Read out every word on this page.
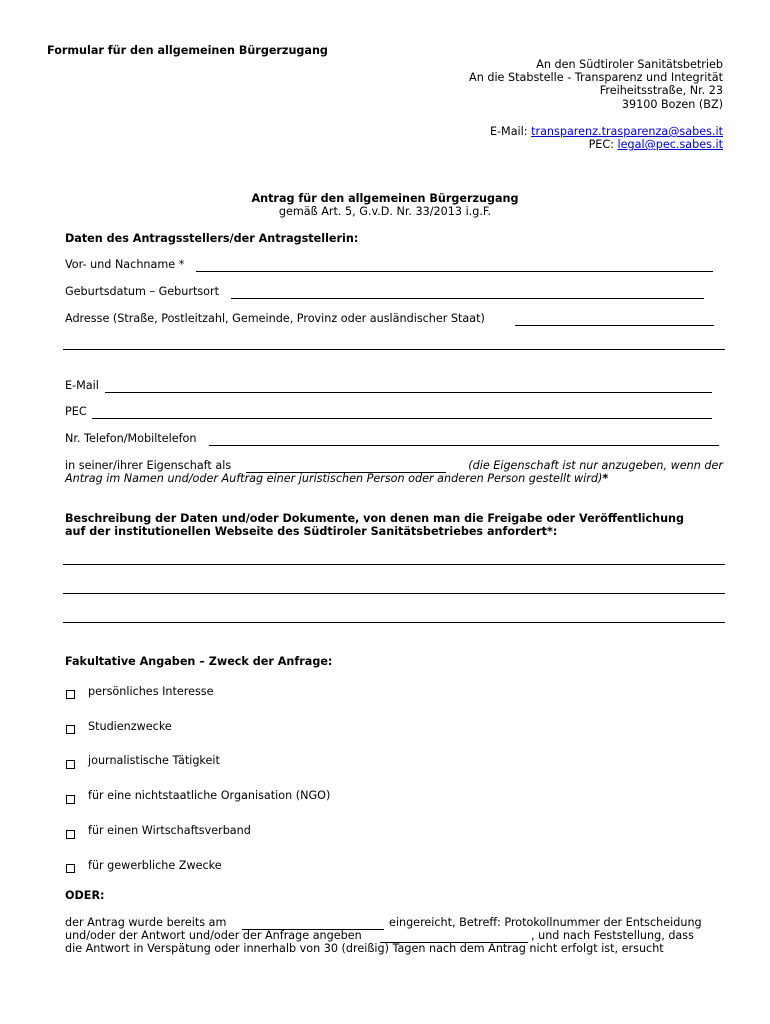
Formular für den allgemeinen Bürgerzugang
An den Südtiroler Sanitätsbetrieb
An die Stabstelle - Transparenz und Integrität
Freiheitsstraße, Nr. 23
39100 Bozen (BZ)
E-Mail: transparenz.trasparenza@sabes.it
PEC: legal@pec.sabes.it
Antrag für den allgemeinen Bürgerzugang
gemäß Art. 5, G.v.D. Nr. 33/2013 i.g.F.
Daten des Antragsstellers/der Antragstellerin:
Vor- und Nachname *
Geburtsdatum – Geburtsort
Adresse (Straße, Postleitzahl, Gemeinde, Provinz oder ausländischer Staat)
E-Mail
PEC
Nr. Telefon/Mobiltelefon
in seiner/ihrer Eigenschaft als	(die Eigenschaft ist nur anzugeben, wenn der
Antrag im Namen und/oder Auftrag einer juristischen Person oder anderen Person gestellt wird)*
Beschreibung der Daten und/oder Dokumente, von denen man die Freigabe oder Veröffentlichung
auf der institutionellen Webseite des Südtiroler Sanitätsbetriebes anfordert*:
Fakultative Angaben – Zweck der Anfrage:
persönliches Interesse
Studienzwecke
journalistische Tätigkeit
für eine nichtstaatliche Organisation (NGO)
für einen Wirtschaftsverband
für gewerbliche Zwecke
ODER:
der Antrag wurde bereits am	eingereicht, Betreff: Protokollnummer der Entscheidung
und/oder der Antwort und/oder der Anfrage angeben	, und nach Feststellung, dass
die Antwort in Verspätung oder innerhalb von 30 (dreißig) Tagen nach dem Antrag nicht erfolgt ist, ersucht
